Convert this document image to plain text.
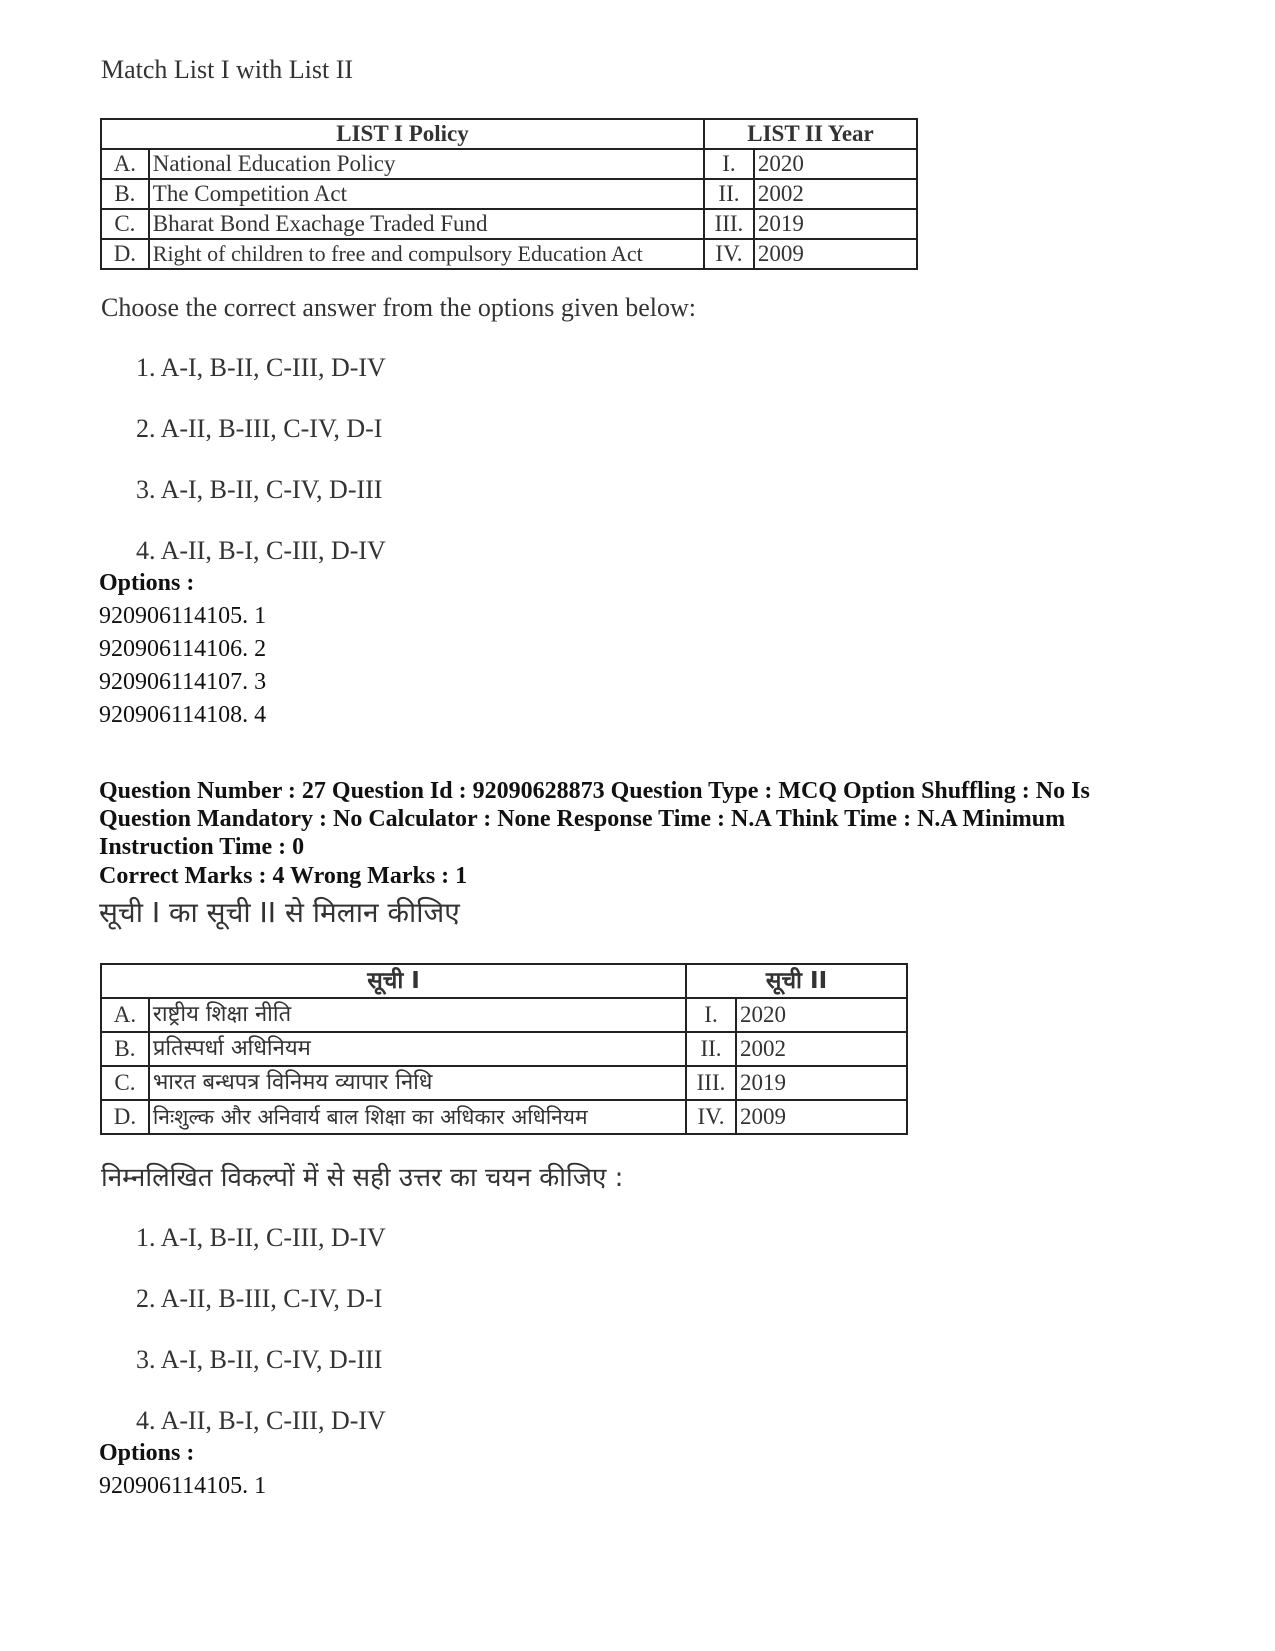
Match List I with List II
LIST I Policy		LIST II Year	
A.	National Education Policy	I.	2020
B.	The Competition Act	II.	2002
C.	Bharat Bond Exachage Traded Fund	III.	2019
D.	Right of children to free and compulsory Education Act	IV.	2009
Choose the correct answer from the options given below:
1. A-I, B-II, C-III, D-IV
2. A-II, B-III, C-IV, D-I
3. A-I, B-II, C-IV, D-III
4. A-II, B-I, C-III, D-IV
Options :
920906114105. 1
920906114106. 2
920906114107. 3
920906114108. 4
Question Number : 27 Question Id : 92090628873 Question Type : MCQ Option Shuffling : No Is Question Mandatory : No Calculator : None Response Time : N.A Think Time : N.A Minimum Instruction Time : 0
Correct Marks : 4 Wrong Marks : 1
सूची I का सूची II से मिलान कीजिए
सूची I		सूची II	
A.	राष्ट्रीय शिक्षा नीति	I.	2020
B.	प्रतिस्पर्धा अधिनियम	II.	2002
C.	भारत बन्धपत्र विनिमय व्यापार निधि	III.	2019
D.	निःशुल्क और अनिवार्य बाल शिक्षा का अधिकार अधिनियम	IV.	2009
निम्नलिखित विकल्पों में से सही उत्तर का चयन कीजिए :
1. A-I, B-II, C-III, D-IV
2. A-II, B-III, C-IV, D-I
3. A-I, B-II, C-IV, D-III
4. A-II, B-I, C-III, D-IV
Options :
920906114105. 1
